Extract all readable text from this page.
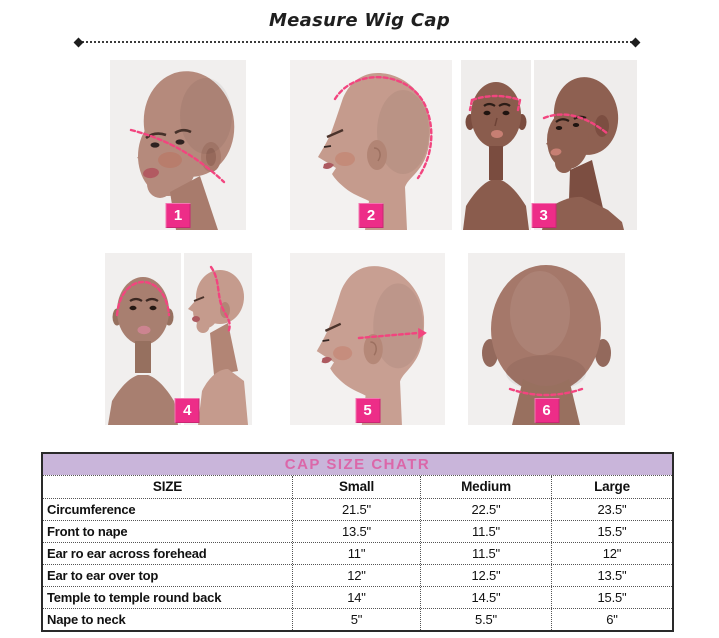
Measure Wig Cap
1	2	3
4	5	6
CAP SIZE CHATR
SIZE	Small	Medium	Large
Circumference	21.5"	22.5"	23.5"
Front to nape	13.5"	11.5"	15.5"
Ear ro ear across forehead	11"	11.5"	12"
Ear to ear over top	12"	12.5"	13.5"
Temple to temple round back	14"	14.5"	15.5"
Nape to neck	5"	5.5"	6"
